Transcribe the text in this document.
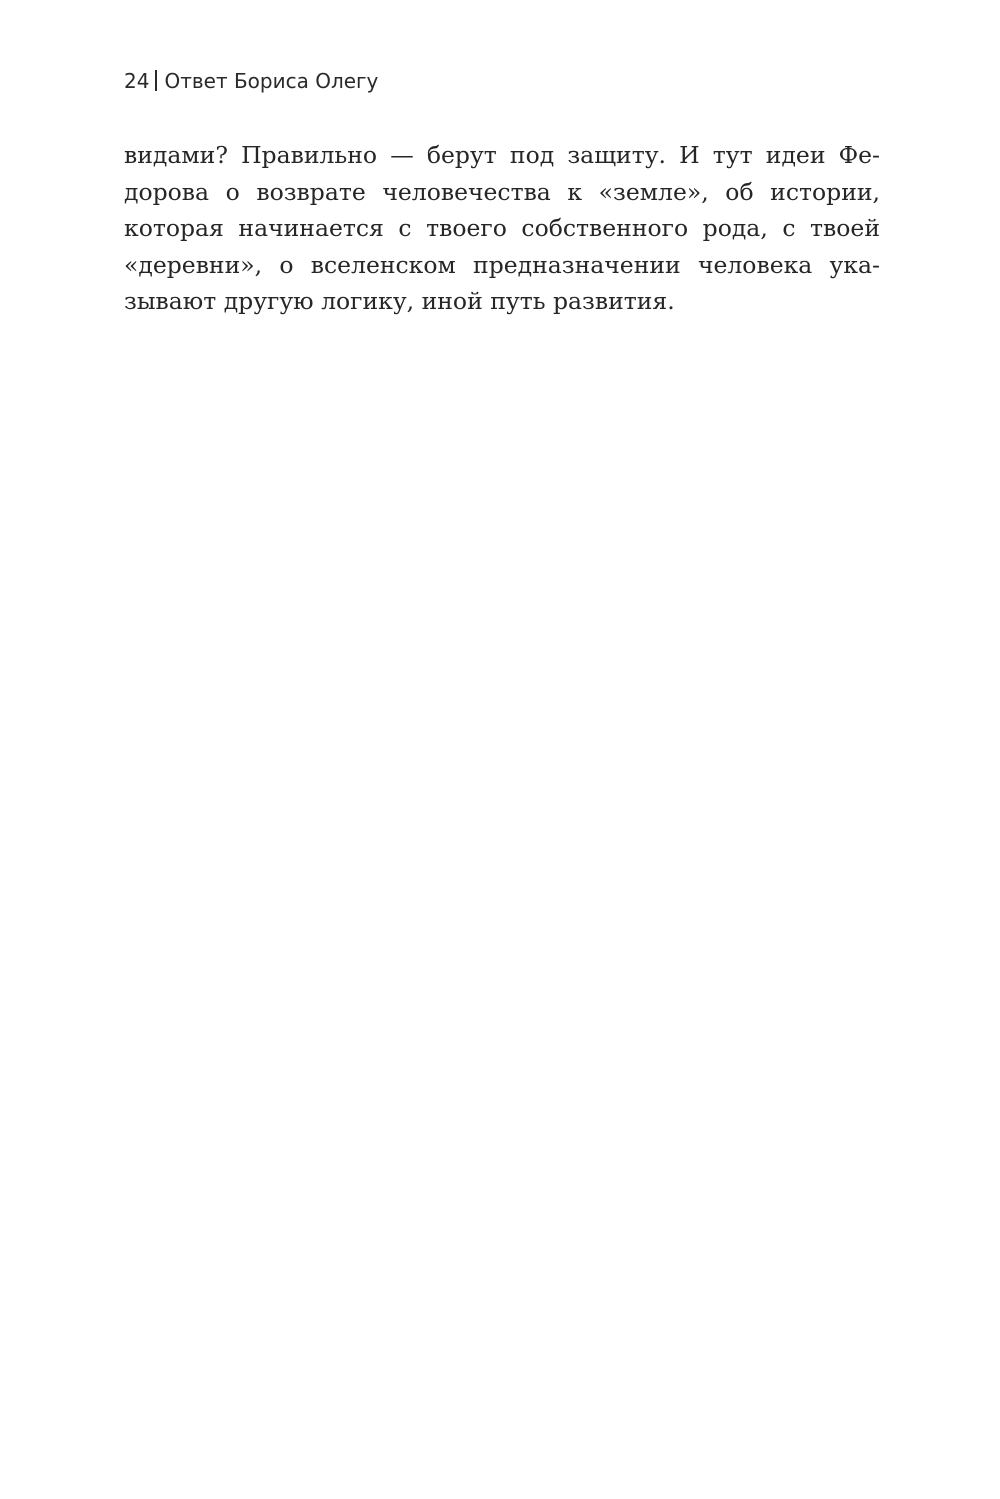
24 Ответ Бориса Олегу
видами? Правильно — берут под защиту. И тут идеи Фе-
дорова о возврате человечества к «земле», об истории,
которая начинается с твоего собственного рода, с твоей
«деревни», о вселенском предназначении человека ука-
зывают другую логику, иной путь развития.
